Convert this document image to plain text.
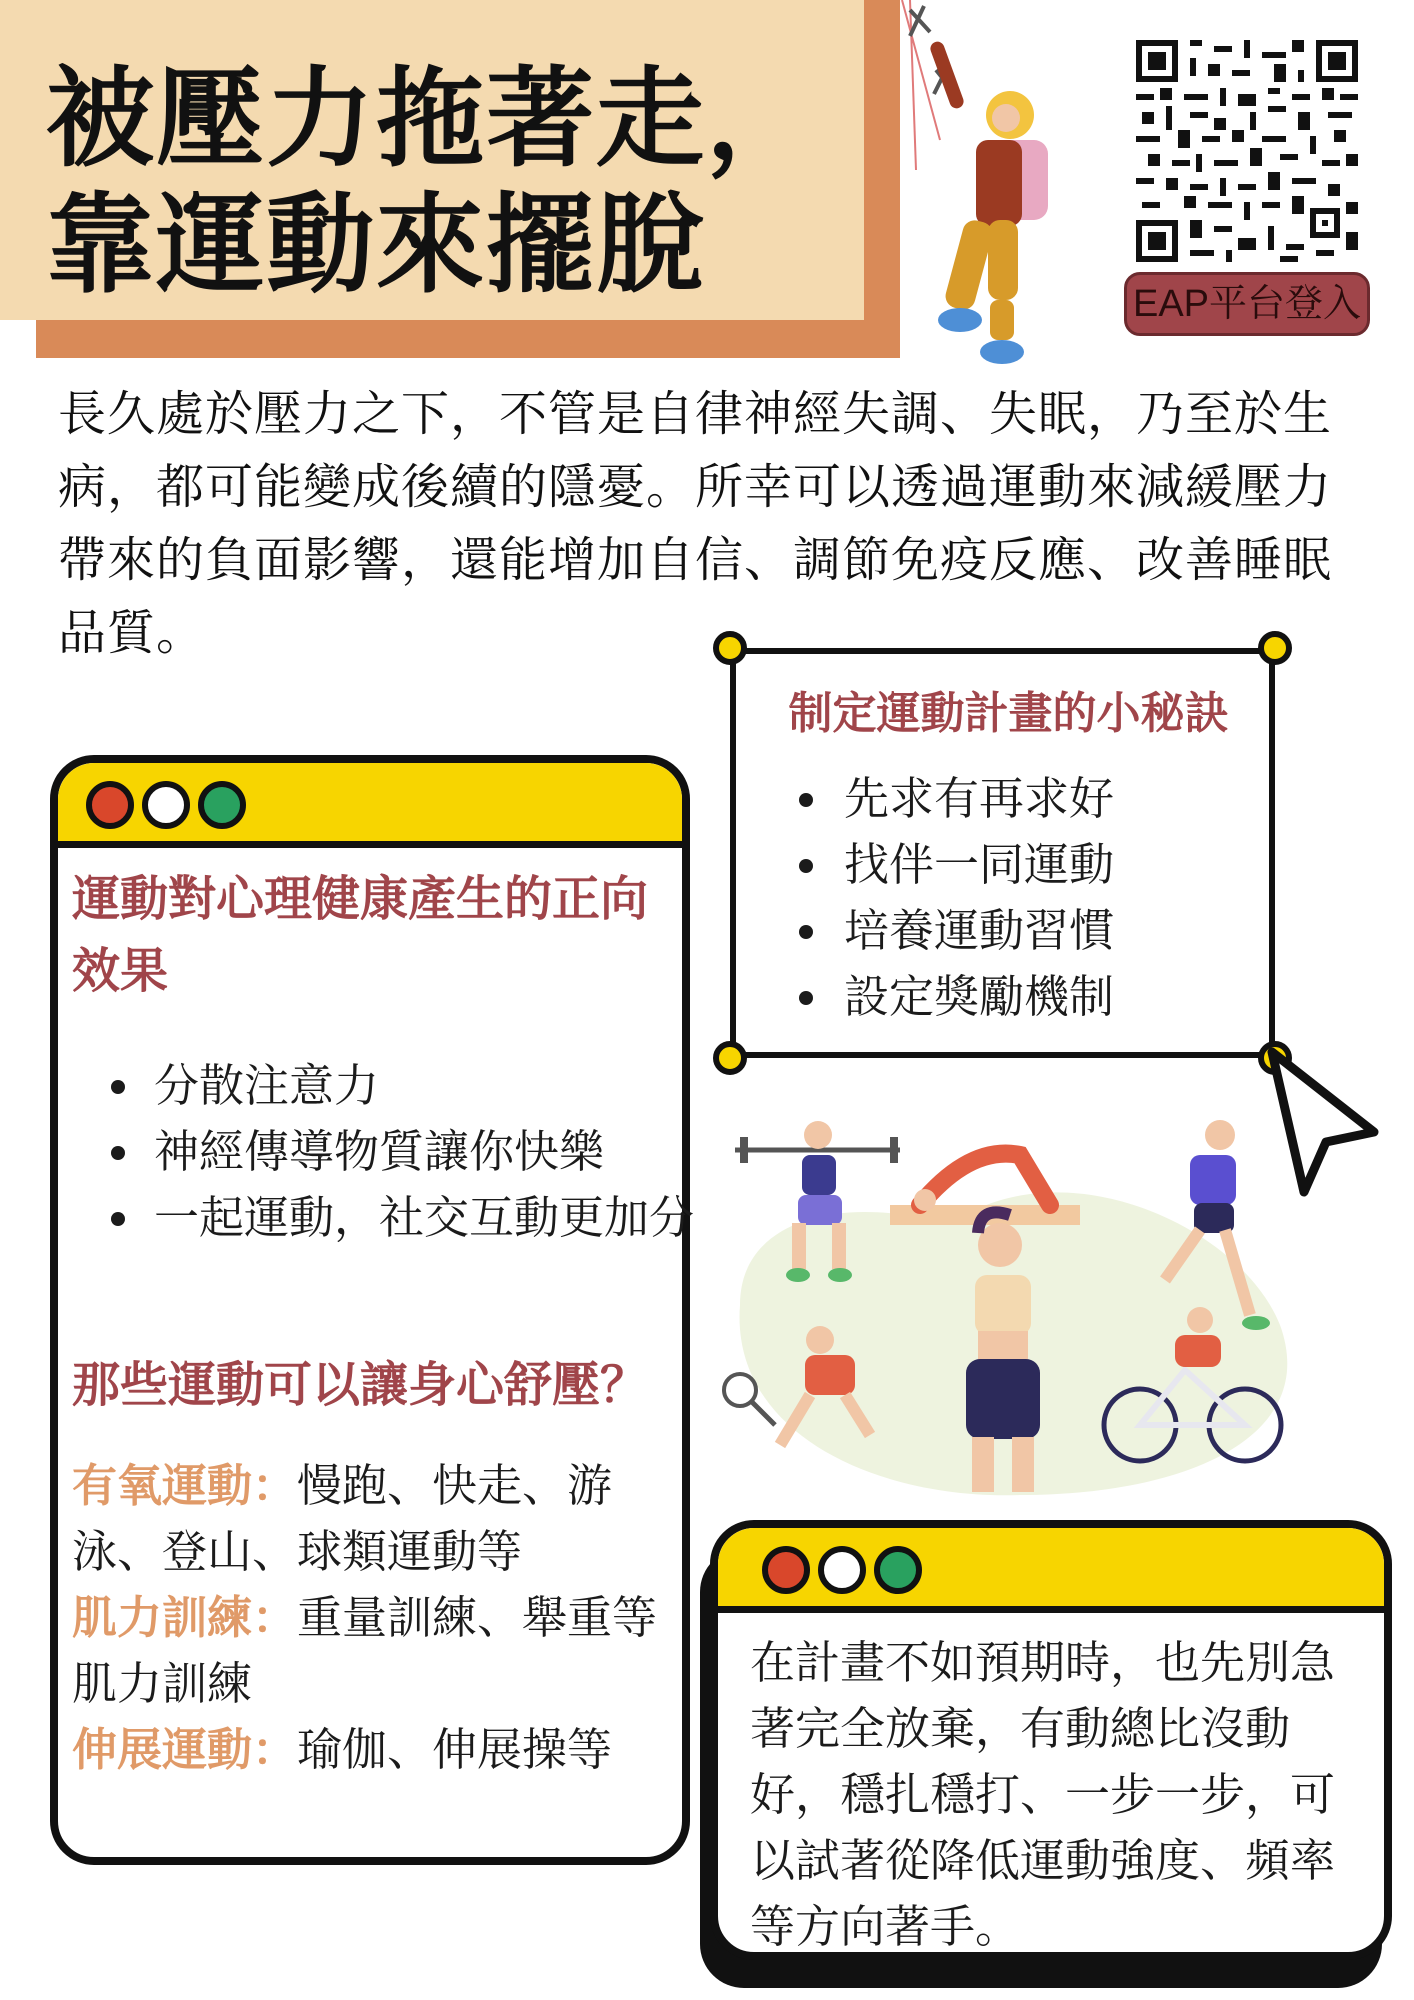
被壓力拖著走，
靠運動來擺脫	EAP平台登入
長久處於壓力之下，不管是自律神經失調、失眠，乃至於生病，都可能變成後續的隱憂。所幸可以透過運動來減緩壓力帶來的負面影響，還能增加自信、調節免疫反應、改善睡眠品質。
制定運動計畫的小秘訣
• 先求有再求好
• 找伴一同運動
• 培養運動習慣
• 設定獎勵機制
運動對心理健康產生的正向效果
• 分散注意力
• 神經傳導物質讓你快樂
• 一起運動，社交互動更加分
那些運動可以讓身心舒壓？
有氧運動：慢跑、快走、游泳、登山、球類運動等
肌力訓練：重量訓練、舉重等肌力訓練
伸展運動：瑜伽、伸展操等
在計畫不如預期時，也先別急著完全放棄，有動總比沒動好，穩扎穩打、一步一步，可以試著從降低運動強度、頻率等方向著手。
